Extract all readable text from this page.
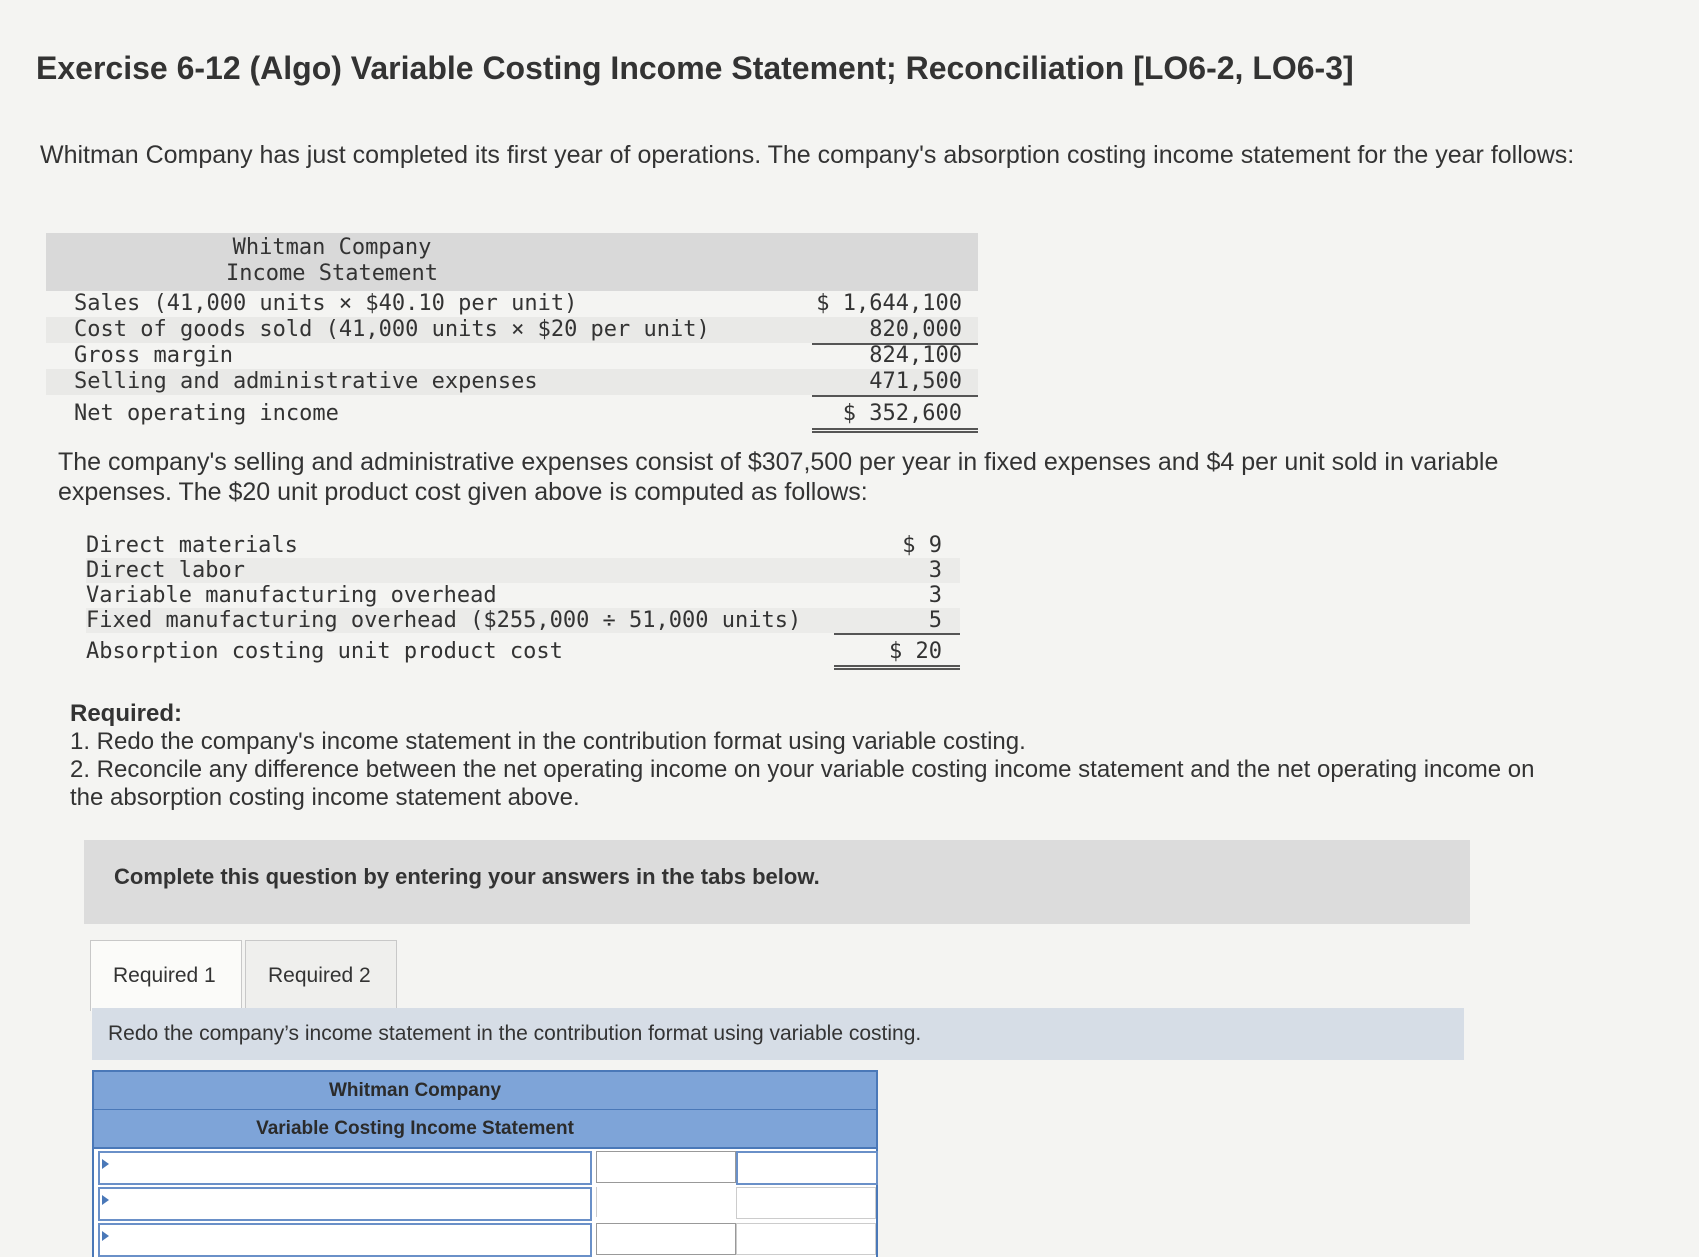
Exercise 6-12 (Algo) Variable Costing Income Statement; Reconciliation [LO6-2, LO6-3]
Whitman Company has just completed its first year of operations. The company's absorption costing income statement for the year follows:
Whitman Company
Income Statement
Sales (41,000 units × $40.10 per unit)	$ 1,644,100
Cost of goods sold (41,000 units × $20 per unit)	820,000
Gross margin	824,100
Selling and administrative expenses	471,500
Net operating income	$ 352,600
The company's selling and administrative expenses consist of $307,500 per year in fixed expenses and $4 per unit sold in variable expenses. The $20 unit product cost given above is computed as follows:
Direct materials	$ 9
Direct labor	3
Variable manufacturing overhead	3
Fixed manufacturing overhead ($255,000 ÷ 51,000 units)	5
Absorption costing unit product cost	$ 20
Required:
1. Redo the company's income statement in the contribution format using variable costing.
2. Reconcile any difference between the net operating income on your variable costing income statement and the net operating income on the absorption costing income statement above.
Complete this question by entering your answers in the tabs below.
Required 1 Required 2
Redo the company’s income statement in the contribution format using variable costing.
Whitman Company
Variable Costing Income Statement
